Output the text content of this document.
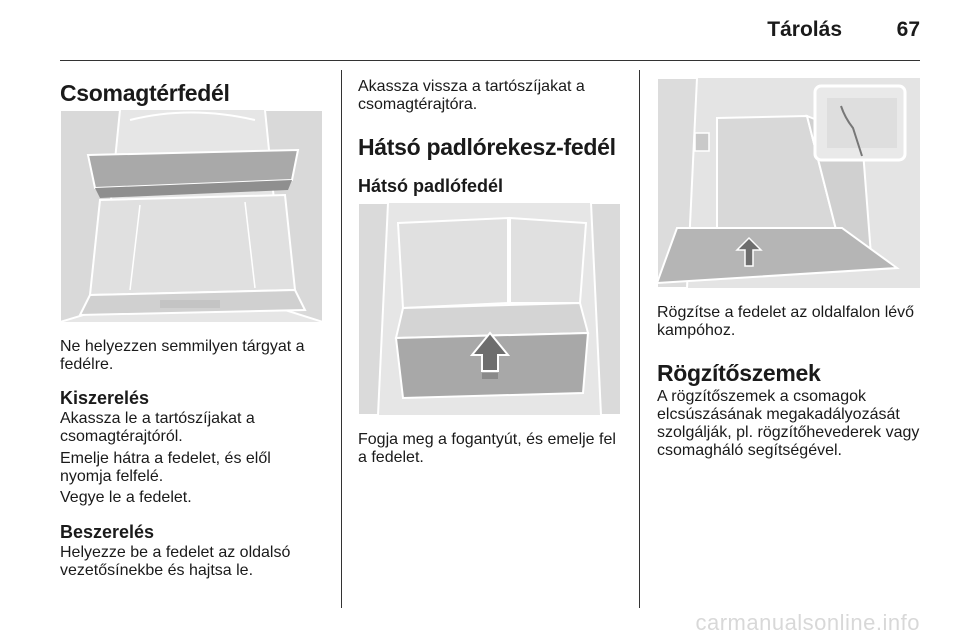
Tárolás	67
Csomagtérfedél
Ne helyezzen semmilyen tárgyat a fedélre.
Kiszerelés
Akassza le a tartószíjakat a csomagtérajtóról.
Emelje hátra a fedelet, és elől nyomja felfelé.
Vegye le a fedelet.
Beszerelés
Helyezze be a fedelet az oldalsó vezetősínekbe és hajtsa le.
Akassza vissza a tartószíjakat a csomagtérajtóra.
Hátsó padlórekesz-fedél
Hátsó padlófedél
Fogja meg a fogantyút, és emelje fel a fedelet.
Rögzítse a fedelet az oldalfalon lévő kampóhoz.
Rögzítőszemek
A rögzítőszemek a csomagok elcsúszásának megakadályozását szolgálják, pl. rögzítőhevederek vagy csomagháló segítségével.
carmanualsonline.info
